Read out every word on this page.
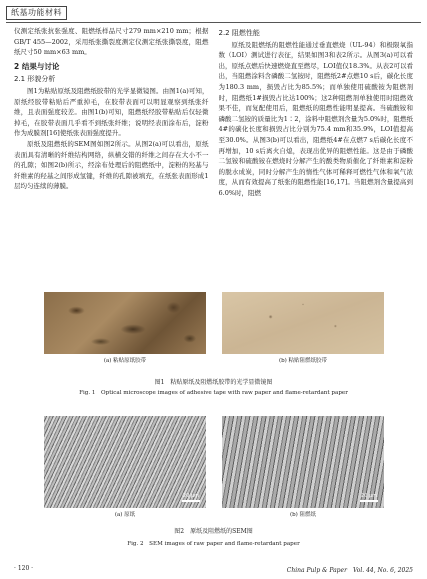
纸基功能材料

仪测定纸张抗张强度、阻燃纸样品尺寸279 mm×210 mm；根据GB/T 455—2002，采用纸张撕裂度测定仪测定纸张撕裂度，阻燃纸尺寸50 mm×63 mm。

2 结果与讨论
2.1 形貌分析

图1为粘贴原纸及阻燃纸胶带的光学显微镜图。由图1(a)可知，原纸经胶带粘贴后严重掉毛，在胶带表面可以明显观察到纸张纤维，且表面强度较差。由图1(b)可知，阻燃纸经胶带粘贴后仅轻微掉毛，在胶带表面几乎看不到纸张纤维；说明经表面涂布后，淀粉作为成膜剂[16]使纸张表面强度提升。

原纸及阻燃纸的SEM图如图2所示。从图2(a)可以看出，原纸表面具有清晰的纤维结构网络，纵横交错的纤维之间存在大小不一的孔隙；如图2(b)所示，经涂布处理后的阻燃纸中，淀粉的羟基与纤维素的羟基之间形成氢键，纤维的孔隙被填充，在纸张表面形成1层均匀连续的薄膜。

2.2 阻燃性能

原纸及阻燃纸的阻燃性能通过垂直燃烧（UL-94）和极限氧指数（LOI）测试进行表征，结果如图3和表2所示。从图3(a)可以看出，原纸点燃后快速燃烧直至燃尽，LOI值仅18.3%。从表2可以看出，当阻燃涂料含磷酸二氢铵时，阻燃纸2#点燃10 s后，碳化长度为180.3 mm，损毁占比为85.5%；而单独使用硫酸铵为阻燃剂时，阻燃纸1#损毁占比达100%；这2种阻燃剂单独使用时阻燃效果不佳，而复配使用后，阻燃纸的阻燃性能明显提高。当硫酸铵和磷酸二氢铵的质量比为1∶2，涂料中阻燃剂含量为5.0%时，阻燃纸4#的碳化长度和损毁占比分别为75.4 mm和35.9%，LOI值提高至30.0%。从图3(b)可以看出，阻燃纸4#在点燃7 s后碳化长度不再增加，10 s后离火自熄，表现出优异的阻燃性能。这是由于磷酸二氢铵和硫酸铵在燃烧时分解产生的酸类物质催化了纤维素和淀粉的脱水成炭，同时分解产生的惰性气体可稀释可燃性气体和氧气浓度，从而有效提高了纸张的阻燃性能[16,17]。当阻燃剂含量提高到6.0%时，阻燃

(a) 粘贴原纸胶带	(b) 粘贴阻燃纸胶带
图1　粘贴原纸及阻燃纸胶带的光学显微镜图
Fig. 1　Optical microscope images of adhesive tape with raw paper and flame-retardant paper
20 μm
(a) 原纸
20 μm
(b) 阻燃纸
图2　原纸及阻燃纸的SEM图
Fig. 2　SEM images of raw paper and flame-retardant paper
· 120 ·	China Pulp & Paper　Vol. 44, No. 6, 2025
